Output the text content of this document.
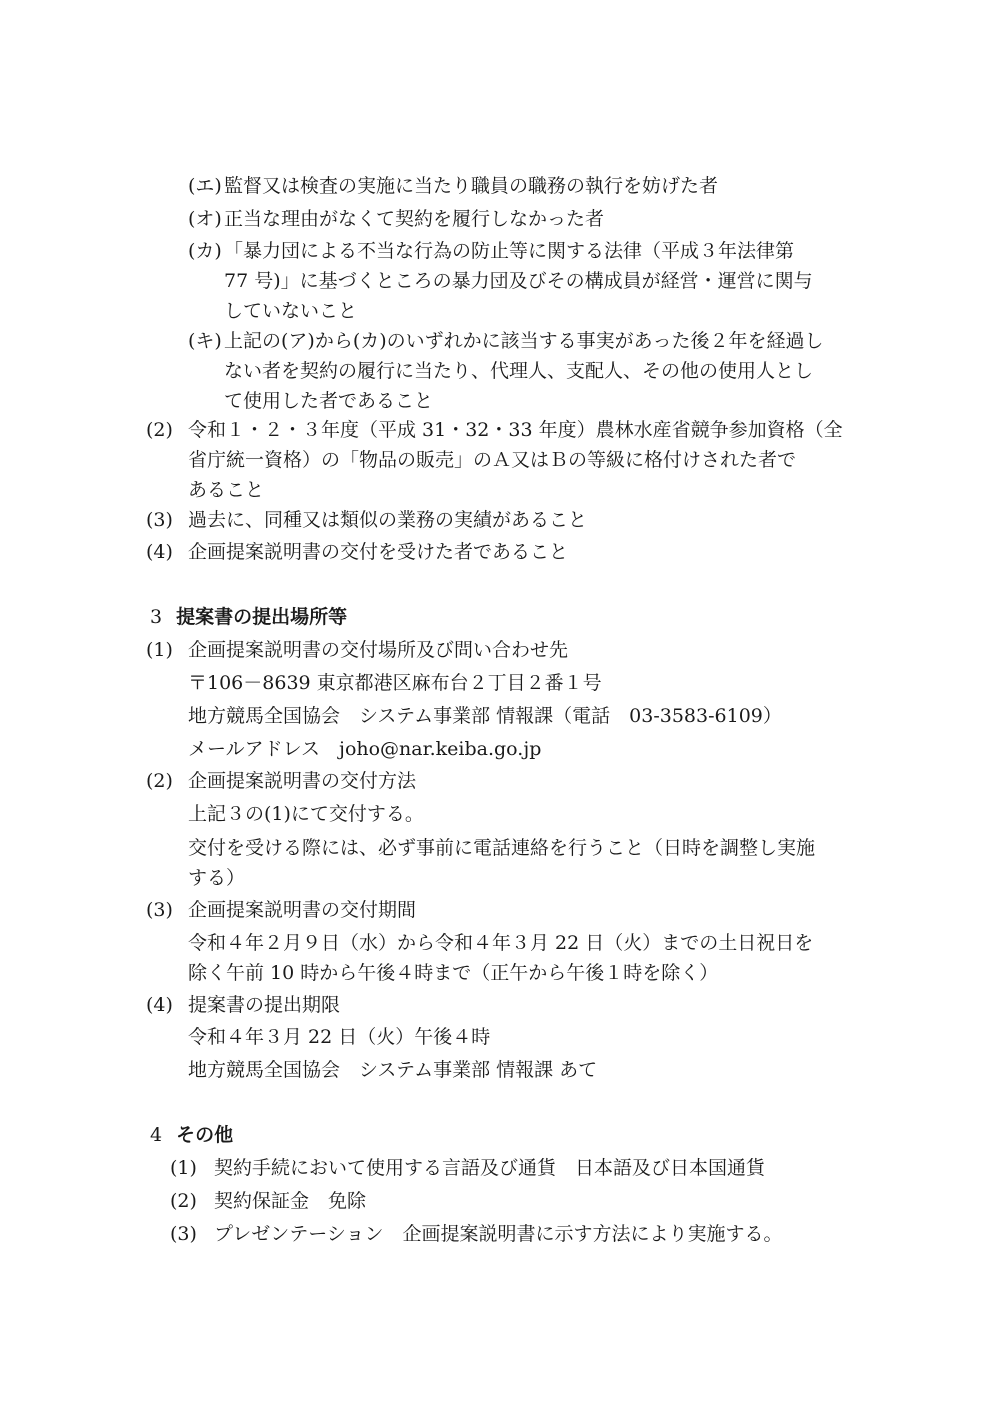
(エ) 監督又は検査の実施に当たり職員の職務の執行を妨げた者
(オ) 正当な理由がなくて契約を履行しなかった者
(カ) 「暴力団による不当な行為の防止等に関する法律（平成３年法律第
77 号)」に基づくところの暴力団及びその構成員が経営・運営に関与
していないこと
(キ) 上記の(ア)から(カ)のいずれかに該当する事実があった後２年を経過し
ない者を契約の履行に当たり、代理人、支配人、その他の使用人とし
て使用した者であること
(2) 令和１・２・３年度（平成 31・32・33 年度）農林水産省競争参加資格（全
省庁統一資格）の「物品の販売」のＡ又はＢの等級に格付けされた者で
あること
(3) 過去に、同種又は類似の業務の実績があること
(4) 企画提案説明書の交付を受けた者であること
3 提案書の提出場所等
(1) 企画提案説明書の交付場所及び問い合わせ先
〒106－8639 東京都港区麻布台２丁目２番１号
地方競馬全国協会　システム事業部 情報課（電話　03-3583-6109）
メールアドレス　joho@nar.keiba.go.jp
(2) 企画提案説明書の交付方法
上記３の(1)にて交付する。
交付を受ける際には、必ず事前に電話連絡を行うこと（日時を調整し実施
する）
(3) 企画提案説明書の交付期間
令和４年２月９日（水）から令和４年３月 22 日（火）までの土日祝日を
除く午前 10 時から午後４時まで（正午から午後１時を除く）
(4) 提案書の提出期限
令和４年３月 22 日（火）午後４時
地方競馬全国協会　システム事業部 情報課 あて
4 その他
(1) 契約手続において使用する言語及び通貨　日本語及び日本国通貨
(2) 契約保証金　免除
(3) プレゼンテーション　企画提案説明書に示す方法により実施する。
